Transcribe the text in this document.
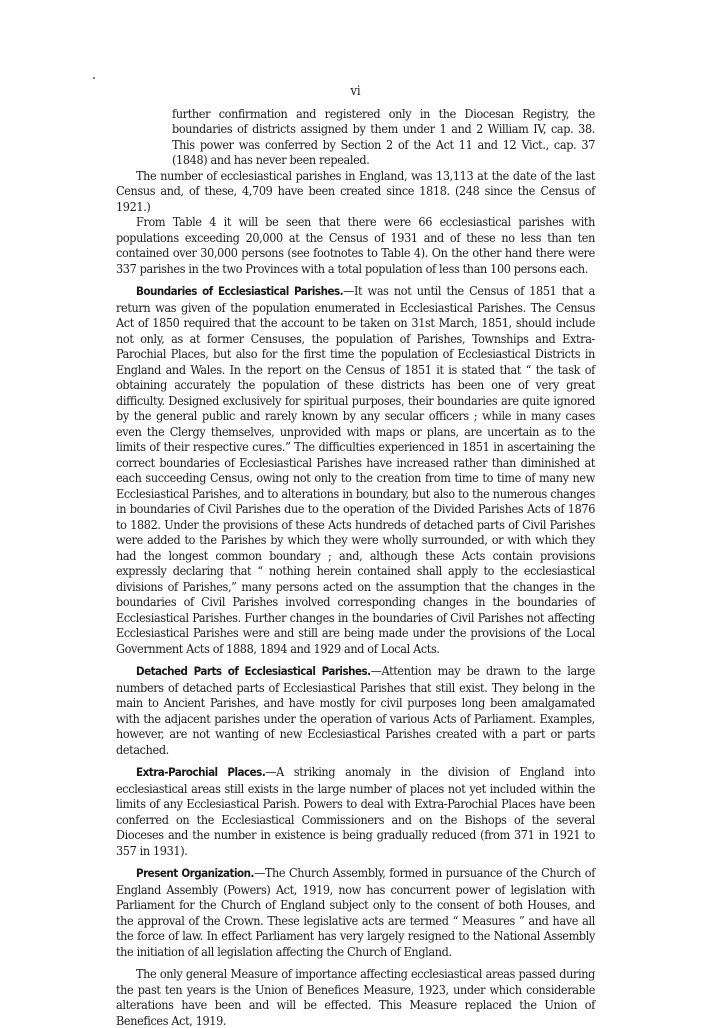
vi

further confirmation and registered only in the Diocesan Registry, the boundaries of districts assigned by them under 1 and 2 William IV, cap. 38. This power was conferred by Section 2 of the Act 11 and 12 Vict., cap. 37 (1848) and has never been repealed.

The number of ecclesiastical parishes in England, was 13,113 at the date of the last Census and, of these, 4,709 have been created since 1818. (248 since the Census of 1921.)

From Table 4 it will be seen that there were 66 ecclesiastical parishes with populations exceeding 20,000 at the Census of 1931 and of these no less than ten contained over 30,000 persons (see footnotes to Table 4). On the other hand there were 337 parishes in the two Provinces with a total population of less than 100 persons each.

Boundaries of Ecclesiastical Parishes.—It was not until the Census of 1851 that a return was given of the population enumerated in Ecclesiastical Parishes. The Census Act of 1850 required that the account to be taken on 31st March, 1851, should include not only, as at former Censuses, the population of Parishes, Townships and Extra-Parochial Places, but also for the first time the population of Ecclesiastical Districts in England and Wales. In the report on the Census of 1851 it is stated that “ the task of obtaining accurately the population of these districts has been one of very great difficulty. Designed exclusively for spiritual purposes, their boundaries are quite ignored by the general public and rarely known by any secular officers ; while in many cases even the Clergy themselves, unprovided with maps or plans, are uncertain as to the limits of their respective cures.” The difficulties experienced in 1851 in ascertaining the correct boundaries of Ecclesiastical Parishes have increased rather than diminished at each succeeding Census, owing not only to the creation from time to time of many new Ecclesiastical Parishes, and to alterations in boundary, but also to the numerous changes in boundaries of Civil Parishes due to the operation of the Divided Parishes Acts of 1876 to 1882. Under the provisions of these Acts hundreds of detached parts of Civil Parishes were added to the Parishes by which they were wholly surrounded, or with which they had the longest common boundary ; and, although these Acts contain provisions expressly declaring that “ nothing herein contained shall apply to the ecclesiastical divisions of Parishes,” many persons acted on the assumption that the changes in the boundaries of Civil Parishes involved corresponding changes in the boundaries of Ecclesiastical Parishes. Further changes in the boundaries of Civil Parishes not affecting Ecclesiastical Parishes were and still are being made under the provisions of the Local Government Acts of 1888, 1894 and 1929 and of Local Acts.

Detached Parts of Ecclesiastical Parishes.—Attention may be drawn to the large numbers of detached parts of Ecclesiastical Parishes that still exist. They belong in the main to Ancient Parishes, and have mostly for civil purposes long been amalgamated with the adjacent parishes under the operation of various Acts of Parliament. Examples, however, are not wanting of new Ecclesiastical Parishes created with a part or parts detached.

Extra-Parochial Places.—A striking anomaly in the division of England into ecclesiastical areas still exists in the large number of places not yet included within the limits of any Ecclesiastical Parish. Powers to deal with Extra-Parochial Places have been conferred on the Ecclesiastical Commissioners and on the Bishops of the several Dioceses and the number in existence is being gradually reduced (from 371 in 1921 to 357 in 1931).

Present Organization.—The Church Assembly, formed in pursuance of the Church of England Assembly (Powers) Act, 1919, now has concurrent power of legislation with Parliament for the Church of England subject only to the consent of both Houses, and the approval of the Crown. These legislative acts are termed “ Measures ” and have all the force of law. In effect Parliament has very largely resigned to the National Assembly the initiation of all legislation affecting the Church of England.

The only general Measure of importance affecting ecclesiastical areas passed during the past ten years is the Union of Benefices Measure, 1923, under which considerable alterations have been and will be effected. This Measure replaced the Union of Benefices Act, 1919.
